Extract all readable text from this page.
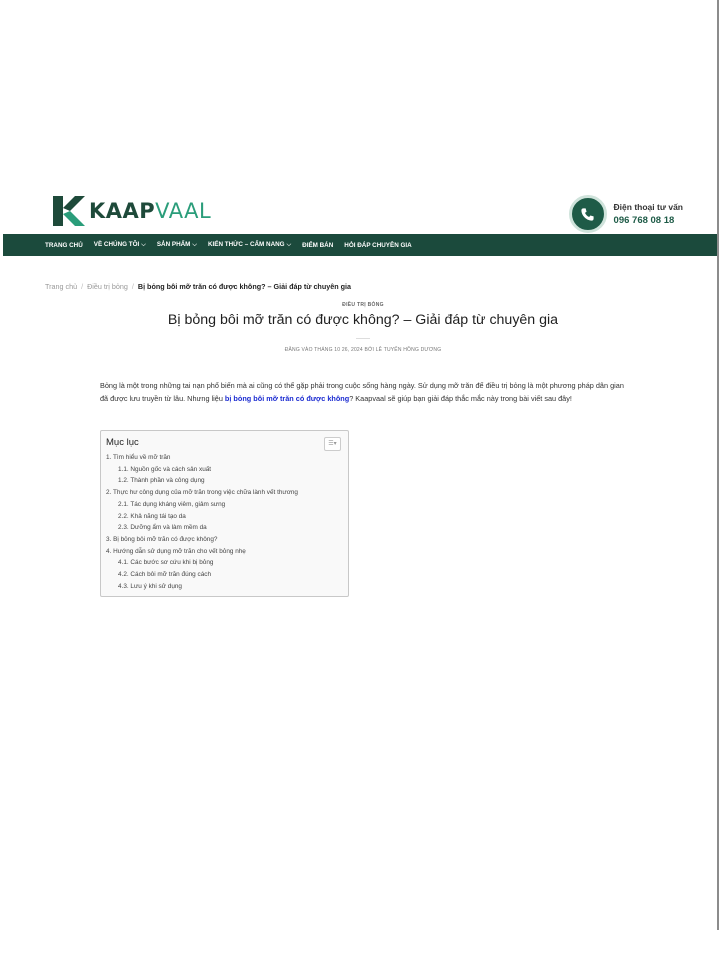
KAAPVAAL	Điện thoại tư vấn
096 768 08 18
TRANG CHỦ VỀ CHÚNG TÔI ⌵ SẢN PHẨM ⌵ KIẾN THỨC – CẨM NANG ⌵ ĐIỂM BÁN HỎI ĐÁP CHUYÊN GIA
Trang chủ / Điều trị bỏng / Bị bỏng bôi mỡ trăn có được không? – Giải đáp từ chuyên gia
ĐIỀU TRỊ BỎNG
Bị bỏng bôi mỡ trăn có được không? – Giải đáp từ chuyên gia
ĐĂNG VÀO THÁNG 10 26, 2024 BỞI LÊ TUYẾN HỒNG DƯƠNG

Bỏng là một trong những tai nạn phổ biến mà ai cũng có thể gặp phải trong cuộc sống hàng ngày. Sử dụng mỡ trăn để điều trị bỏng là một phương pháp dân gian đã được lưu truyền từ lâu. Nhưng liệu bị bỏng bôi mỡ trăn có được không? Kaapvaal sẽ giúp bạn giải đáp thắc mắc này trong bài viết sau đây!

Mục lục	☰▾
1. Tìm hiểu về mỡ trăn
1.1. Nguồn gốc và cách sản xuất
1.2. Thành phần và công dụng
2. Thực hư công dụng của mỡ trăn trong việc chữa lành vết thương
2.1. Tác dụng kháng viêm, giảm sưng
2.2. Khả năng tái tạo da
2.3. Dưỡng ẩm và làm mềm da
3. Bị bỏng bôi mỡ trăn có được không?
4. Hướng dẫn sử dụng mỡ trăn cho vết bỏng nhẹ
4.1. Các bước sơ cứu khi bị bỏng
4.2. Cách bôi mỡ trăn đúng cách
4.3. Lưu ý khi sử dụng
